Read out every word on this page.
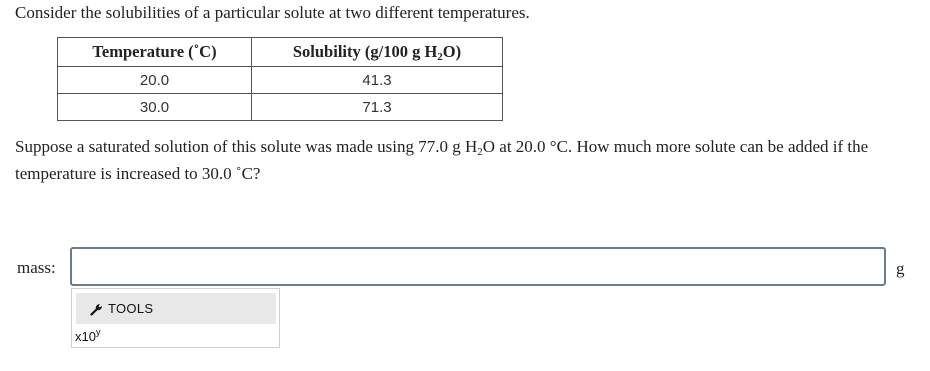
Consider the solubilities of a particular solute at two different temperatures.
Temperature (˚C)	Solubility (g/100 g $H_2O$)
20.0	41.3
30.0	71.3
Suppose a saturated solution of this solute was made using 77.0 g $H_2O$ at 20.0 °C. How much more solute can be added if the temperature is increased to 30.0 ˚C?
mass:	g
TOOLS
x10$^y$
